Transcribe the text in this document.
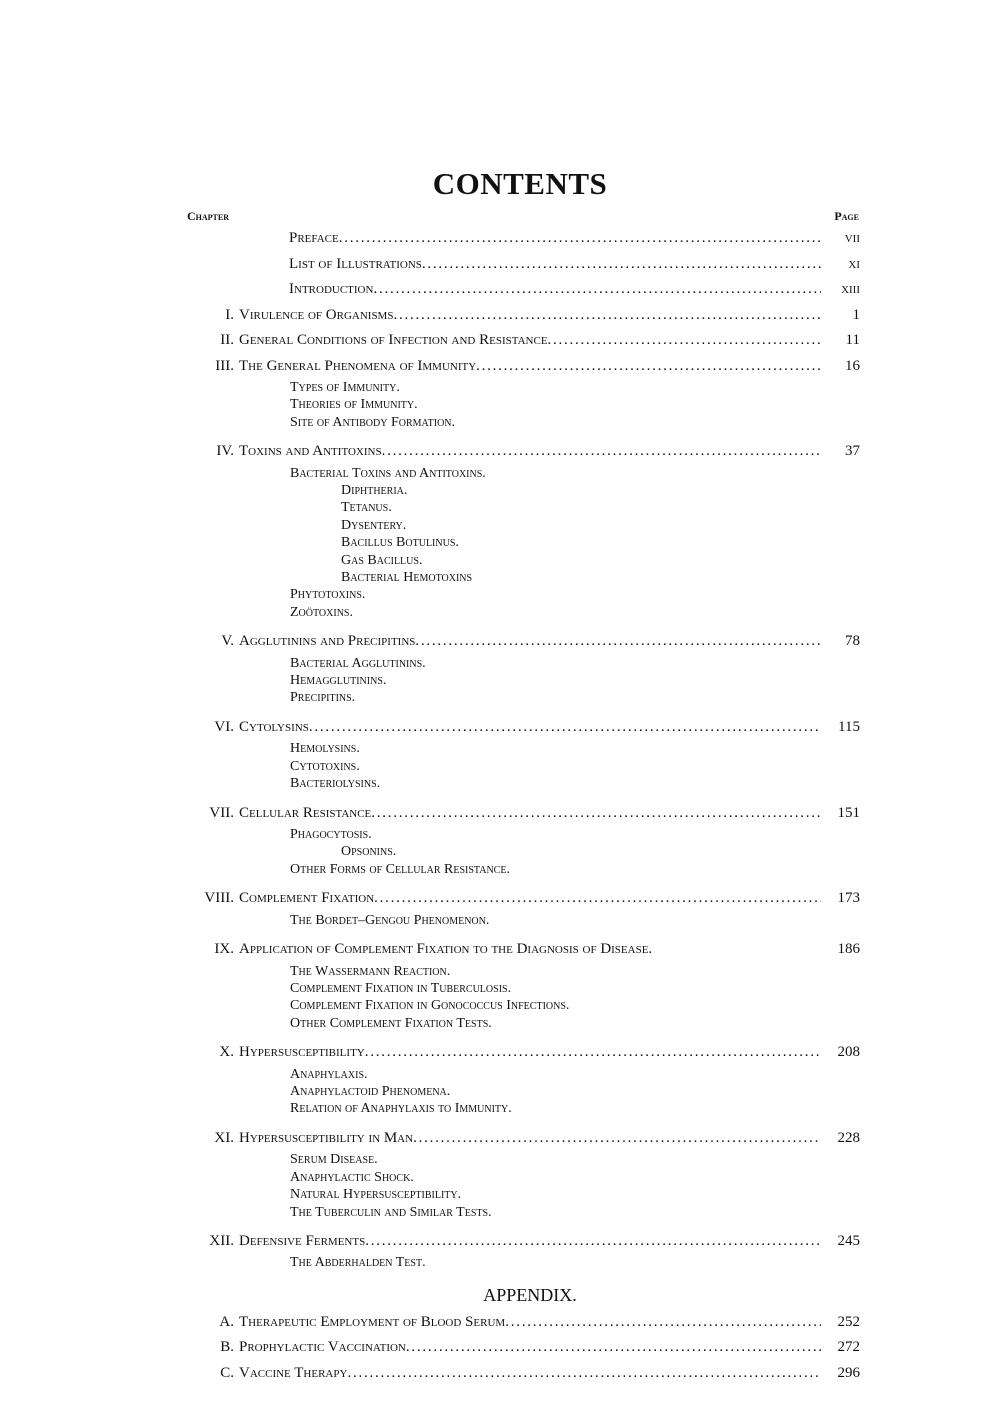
CONTENTS
Chapter	Page
Preface . . .	vii
List of Illustrations . . .	xi
Introduction . . .	xiii
I. Virulence of Organisms . . .	1
II. General Conditions of Infection and Resistance . . .	11
III. The General Phenomena of Immunity . . .	16
Types of Immunity.
Theories of Immunity.
Site of Antibody Formation.
IV. Toxins and Antitoxins . . .	37
Bacterial Toxins and Antitoxins.
Diphtheria.
Tetanus.
Dysentery.
Bacillus Botulinus.
Gas Bacillus.
Bacterial Hemotoxins
Phytotoxins.
Zoötoxins.
V. Agglutinins and Precipitins . . .	78
Bacterial Agglutinins.
Hemagglutinins.
Precipitins.
VI. Cytolysins . . .	115
Hemolysins.
Cytotoxins.
Bacteriolysins.
VII. Cellular Resistance . . .	151
Phagocytosis.
Opsonins.
Other Forms of Cellular Resistance.
VIII. Complement Fixation . . .	173
The Bordet–Gengou Phenomenon.
IX. Application of Complement Fixation to the Diagnosis of Disease.	186
The Wassermann Reaction.
Complement Fixation in Tuberculosis.
Complement Fixation in Gonococcus Infections.
Other Complement Fixation Tests.
X. Hypersusceptibility . . .	208
Anaphylaxis.
Anaphylactoid Phenomena.
Relation of Anaphylaxis to Immunity.
XI. Hypersusceptibility in Man . . .	228
Serum Disease.
Anaphylactic Shock.
Natural Hypersusceptibility.
The Tuberculin and Similar Tests.
XII. Defensive Ferments . . .	245
The Abderhalden Test.
APPENDIX.
A. Therapeutic Employment of Blood Serum . . .	252
B. Prophylactic Vaccination . . .	272
C. Vaccine Therapy . . .	296
